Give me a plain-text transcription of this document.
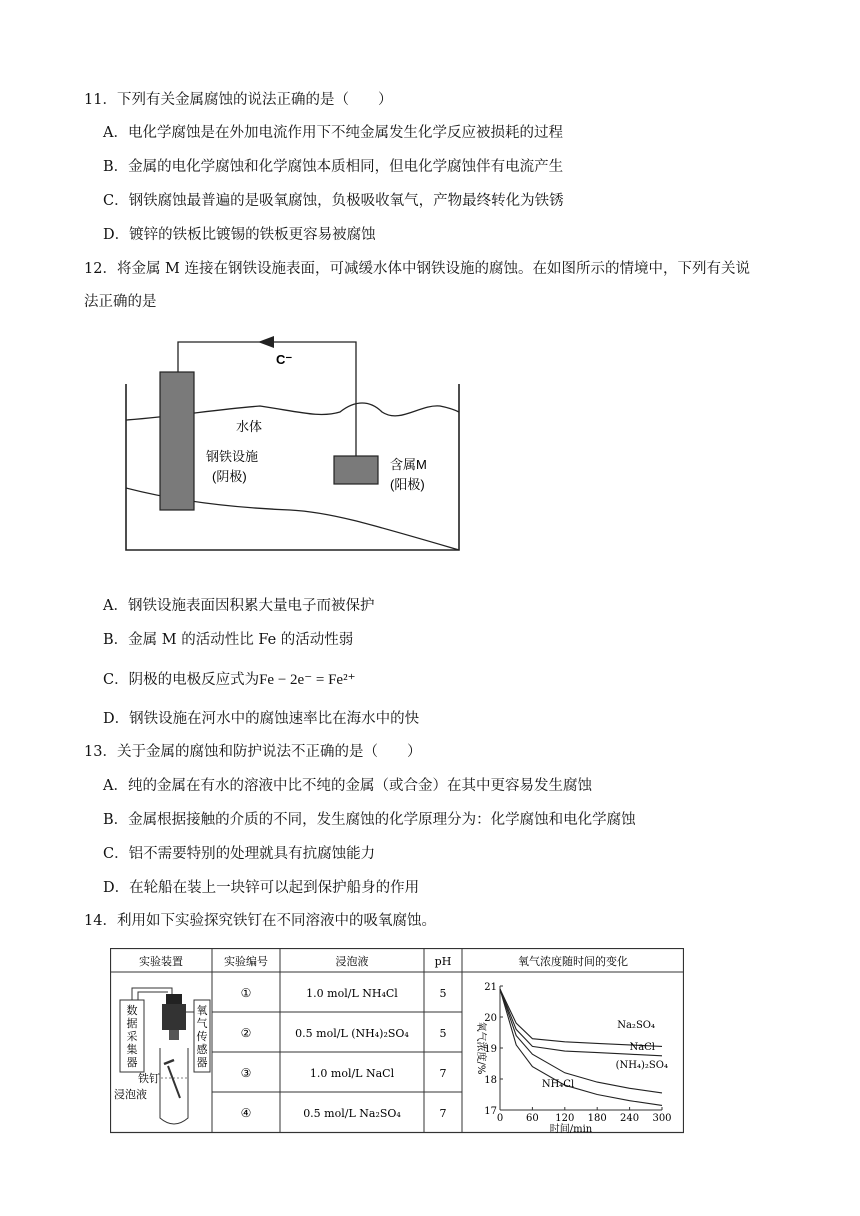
11．下列有关金属腐蚀的说法正确的是（　　）
A．电化学腐蚀是在外加电流作用下不纯金属发生化学反应被损耗的过程
B．金属的电化学腐蚀和化学腐蚀本质相同，但电化学腐蚀伴有电流产生
C．钢铁腐蚀最普遍的是吸氧腐蚀，负极吸收氧气，产物最终转化为铁锈
D．镀锌的铁板比镀锡的铁板更容易被腐蚀
12．将金属 M 连接在钢铁设施表面，可减缓水体中钢铁设施的腐蚀。在如图所示的情境中，下列有关说
法正确的是
C⁻
水体
钢铁设施
(阴极)
含属M
(阳极)
A．钢铁设施表面因积累大量电子而被保护
B．金属 M 的活动性比 Fe 的活动性弱
C．阴极的电极反应式为Fe − 2e⁻ = Fe²⁺
D．钢铁设施在河水中的腐蚀速率比在海水中的快
13．关于金属的腐蚀和防护说法不正确的是（　　）
A．纯的金属在有水的溶液中比不纯的金属（或合金）在其中更容易发生腐蚀
B．金属根据接触的介质的不同，发生腐蚀的化学原理分为：化学腐蚀和电化学腐蚀
C．铝不需要特别的处理就具有抗腐蚀能力
D．在轮船在装上一块锌可以起到保护船身的作用
14．利用如下实验探究铁钉在不同溶液中的吸氧腐蚀。
实验装置	实验编号	浸泡液	pH	氧气浓度随时间的变化
①	1.0 mol/L NH₄Cl	5
②	0.5 mol/L (NH₄)₂SO₄	5
③	1.0 mol/L NaCl	7
④	0.5 mol/L Na₂SO₄	7
数
据
采
集
器
氧
气
传
感
器
铁钉
浸泡液
17
18
19
20
21
0 60 120 180 240 300
时间/min
氧气浓度/%	Na₂SO₄
NaCl
(NH₄)₂SO₄
NH₄Cl
